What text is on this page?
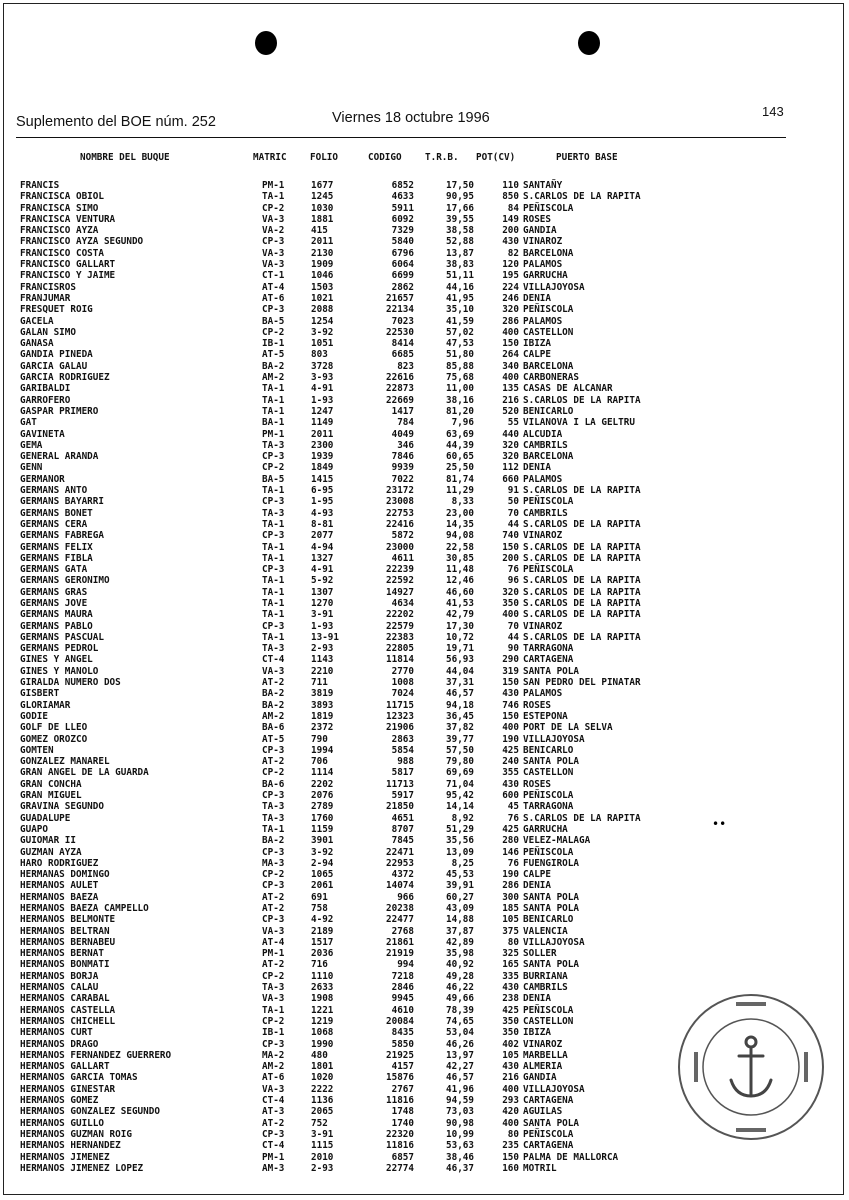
Suplemento del BOE núm. 252	Viernes 18 octubre 1996	143
NOMBRE DEL BUQUE	MATRIC	FOLIO	CODIGO	T.R.B. POT(CV)	PUERTO BASE
FRANCIS	PM-1	1677	6852	17,50	110 SANTAÑY
FRANCISCA OBIOL	TA-1	1245	4633	90,95	850 S.CARLOS DE LA RAPITA
FRANCISCA SIMO	CP-2	1030	5911	17,66	84 PEÑISCOLA
FRANCISCA VENTURA	VA-3	1881	6092	39,55	149 ROSES
FRANCISCO AYZA	VA-2	415	7329	38,58	200 GANDIA
FRANCISCO AYZA SEGUNDO	CP-3	2011	5840	52,88	430 VINAROZ
FRANCISCO COSTA	VA-3	2130	6796	13,87	82 BARCELONA
FRANCISCO GALLART	VA-3	1909	6064	38,83	120 PALAMOS
FRANCISCO Y JAIME	CT-1	1046	6699	51,11	195 GARRUCHA
FRANCISROS	AT-4	1503	2862	44,16	224 VILLAJOYOSA
FRANJUMAR	AT-6	1021	21657	41,95	246 DENIA
FRESQUET ROIG	CP-3	2088	22134	35,10	320 PEÑISCOLA
GACELA	BA-5	1254	7023	41,59	286 PALAMOS
GALAN SIMO	CP-2	3-92	22530	57,02	400 CASTELLON
GANASA	IB-1	1051	8414	47,53	150 IBIZA
GANDIA PINEDA	AT-5	803	6685	51,80	264 CALPE
GARCIA GALAU	BA-2	3728	823	85,88	340 BARCELONA
GARCIA RODRIGUEZ	AM-2	3-93	22616	75,68	400 CARBONERAS
GARIBALDI	TA-1	4-91	22873	11,00	135 CASAS DE ALCANAR
GARROFERO	TA-1	1-93	22669	38,16	216 S.CARLOS DE LA RAPITA
GASPAR PRIMERO	TA-1	1247	1417	81,20	520 BENICARLO
GAT	BA-1	1149	784	7,96	55 VILANOVA I LA GELTRU
GAVINETA	PM-1	2011	4049	63,69	440 ALCUDIA
GEMA	TA-3	2300	346	44,39	320 CAMBRILS
GENERAL ARANDA	CP-3	1939	7846	60,65	320 BARCELONA
GENN	CP-2	1849	9939	25,50	112 DENIA
GERMANOR	BA-5	1415	7022	81,74	660 PALAMOS
GERMANS ANTO	TA-1	6-95	23172	11,29	91 S.CARLOS DE LA RAPITA
GERMANS BAYARRI	CP-3	1-95	23008	8,33	50 PEÑISCOLA
GERMANS BONET	TA-3	4-93	22753	23,00	70 CAMBRILS
GERMANS CERA	TA-1	8-81	22416	14,35	44 S.CARLOS DE LA RAPITA
GERMANS FABREGA	CP-3	2077	5872	94,08	740 VINAROZ
GERMANS FELIX	TA-1	4-94	23000	22,58	150 S.CARLOS DE LA RAPITA
GERMANS FIBLA	TA-1	1327	4611	30,85	200 S.CARLOS DE LA RAPITA
GERMANS GATA	CP-3	4-91	22239	11,48	76 PEÑISCOLA
GERMANS GERONIMO	TA-1	5-92	22592	12,46	96 S.CARLOS DE LA RAPITA
GERMANS GRAS	TA-1	1307	14927	46,60	320 S.CARLOS DE LA RAPITA
GERMANS JOVE	TA-1	1270	4634	41,53	350 S.CARLOS DE LA RAPITA
GERMANS MAURA	TA-1	3-91	22202	42,79	400 S.CARLOS DE LA RAPITA
GERMANS PABLO	CP-3	1-93	22579	17,30	70 VINAROZ
GERMANS PASCUAL	TA-1	13-91	22383	10,72	44 S.CARLOS DE LA RAPITA
GERMANS PEDROL	TA-3	2-93	22805	19,71	90 TARRAGONA
GINES Y ANGEL	CT-4	1143	11814	56,93	290 CARTAGENA
GINES Y MANOLO	VA-3	2210	2770	44,04	319 SANTA POLA
GIRALDA NUMERO DOS	AT-2	711	1008	37,31	150 SAN PEDRO DEL PINATAR
GISBERT	BA-2	3819	7024	46,57	430 PALAMOS
GLORIAMAR	BA-2	3893	11715	94,18	746 ROSES
GODIE	AM-2	1819	12323	36,45	150 ESTEPONA
GOLF DE LLEO	BA-6	2372	21906	37,82	400 PORT DE LA SELVA
GOMEZ OROZCO	AT-5	790	2863	39,77	190 VILLAJOYOSA
GOMTEN	CP-3	1994	5854	57,50	425 BENICARLO
GONZALEZ MANAREL	AT-2	706	988	79,80	240 SANTA POLA
GRAN ANGEL DE LA GUARDA	CP-2	1114	5817	69,69	355 CASTELLON
GRAN CONCHA	BA-6	2202	11713	71,04	430 ROSES
GRAN MIGUEL	CP-3	2076	5917	95,42	600 PEÑISCOLA
GRAVINA SEGUNDO	TA-3	2789	21850	14,14	45 TARRAGONA
GUADALUPE	TA-3	1760	4651	8,92	76 S.CARLOS DE LA RAPITA
GUAPO	TA-1	1159	8707	51,29	425 GARRUCHA
GUIOMAR II	BA-2	3901	7845	35,56	280 VELEZ-MALAGA
GUZMAN AYZA	CP-3	3-92	22471	13,09	146 PEÑISCOLA
HARO RODRIGUEZ	MA-3	2-94	22953	8,25	76 FUENGIROLA
HERMANAS DOMINGO	CP-2	1065	4372	45,53	190 CALPE
HERMANOS AULET	CP-3	2061	14074	39,91	286 DENIA
HERMANOS BAEZA	AT-2	691	966	60,27	300 SANTA POLA
HERMANOS BAEZA CAMPELLO	AT-2	758	20238	43,09	185 SANTA POLA
HERMANOS BELMONTE	CP-3	4-92	22477	14,88	105 BENICARLO
HERMANOS BELTRAN	VA-3	2189	2768	37,87	375 VALENCIA
HERMANOS BERNABEU	AT-4	1517	21861	42,89	80 VILLAJOYOSA
HERMANOS BERNAT	PM-1	2036	21919	35,98	325 SOLLER
HERMANOS BONMATI	AT-2	716	994	40,92	165 SANTA POLA
HERMANOS BORJA	CP-2	1110	7218	49,28	335 BURRIANA
HERMANOS CALAU	TA-3	2633	2846	46,22	430 CAMBRILS
HERMANOS CARABAL	VA-3	1908	9945	49,66	238 DENIA
HERMANOS CASTELLA	TA-1	1221	4610	78,39	425 PEÑISCOLA
HERMANOS CHICHELL	CP-2	1219	20084	74,65	350 CASTELLON
HERMANOS CURT	IB-1	1068	8435	53,04	350 IBIZA
HERMANOS DRAGO	CP-3	1990	5850	46,26	402 VINAROZ
HERMANOS FERNANDEZ GUERRERO	MA-2	480	21925	13,97	105 MARBELLA
HERMANOS GALLART	AM-2	1801	4157	42,27	430 ALMERIA
HERMANOS GARCIA TOMAS	AT-6	1020	15876	46,57	216 GANDIA
HERMANOS GINESTAR	VA-3	2222	2767	41,96	400 VILLAJOYOSA
HERMANOS GOMEZ	CT-4	1136	11816	94,59	293 CARTAGENA
HERMANOS GONZALEZ SEGUNDO	AT-3	2065	1748	73,03	420 AGUILAS
HERMANOS GUILLO	AT-2	752	1740	90,98	400 SANTA POLA
HERMANOS GUZMAN ROIG	CP-3	3-91	22320	10,99	80 PEÑISCOLA
HERMANOS HERNANDEZ	CT-4	1115	11816	53,63	235 CARTAGENA
HERMANOS JIMENEZ	PM-1	2010	6857	38,46	150 PALMA DE MALLORCA
HERMANOS JIMENEZ LOPEZ	AM-3	2-93	22774	46,37	160 MOTRIL
••
